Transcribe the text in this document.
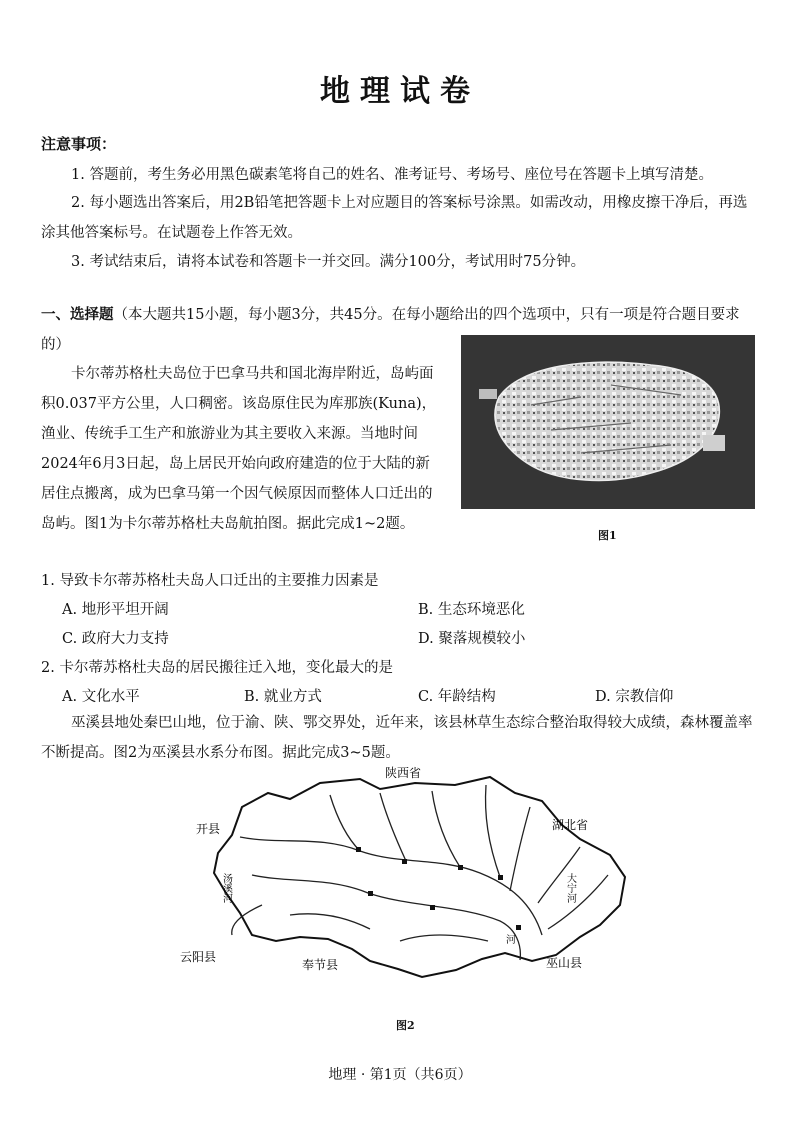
地理试卷
注意事项：
1. 答题前，考生务必用黑色碳素笔将自己的姓名、准考证号、考场号、座位号在答题卡上填写清楚。
2. 每小题选出答案后，用2B铅笔把答题卡上对应题目的答案标号涂黑。如需改动，用橡皮擦干净后，再选涂其他答案标号。在试题卷上作答无效。
3. 考试结束后，请将本试卷和答题卡一并交回。满分100分，考试用时75分钟。
一、选择题（本大题共15小题，每小题3分，共45分。在每小题给出的四个选项中，只有一项是符合题目要求的）
卡尔蒂苏格杜夫岛位于巴拿马共和国北海岸附近，岛屿面积0.037平方公里，人口稠密。该岛原住民为库那族(Kuna)，渔业、传统手工生产和旅游业为其主要收入来源。当地时间2024年6月3日起，岛上居民开始向政府建造的位于大陆的新居住点搬离，成为巴拿马第一个因气候原因而整体人口迁出的岛屿。图1为卡尔蒂苏格杜夫岛航拍图。据此完成1~2题。
图1
1. 导致卡尔蒂苏格杜夫岛人口迁出的主要推力因素是
A. 地形平坦开阔	B. 生态环境恶化
C. 政府大力支持	D. 聚落规模较小
2. 卡尔蒂苏格杜夫岛的居民搬往迁入地，变化最大的是
A. 文化水平	B. 就业方式	C. 年龄结构	D. 宗教信仰
巫溪县地处秦巴山地，位于渝、陕、鄂交界处，近年来，该县林草生态综合整治取得较大成绩，森林覆盖率不断提高。图2为巫溪县水系分布图。据此完成3~5题。
陕西省
湖北省
开县
云阳县
奉节县	巫山县
汤溪河	大宁河
河
图2
地理 · 第1页（共6页）
